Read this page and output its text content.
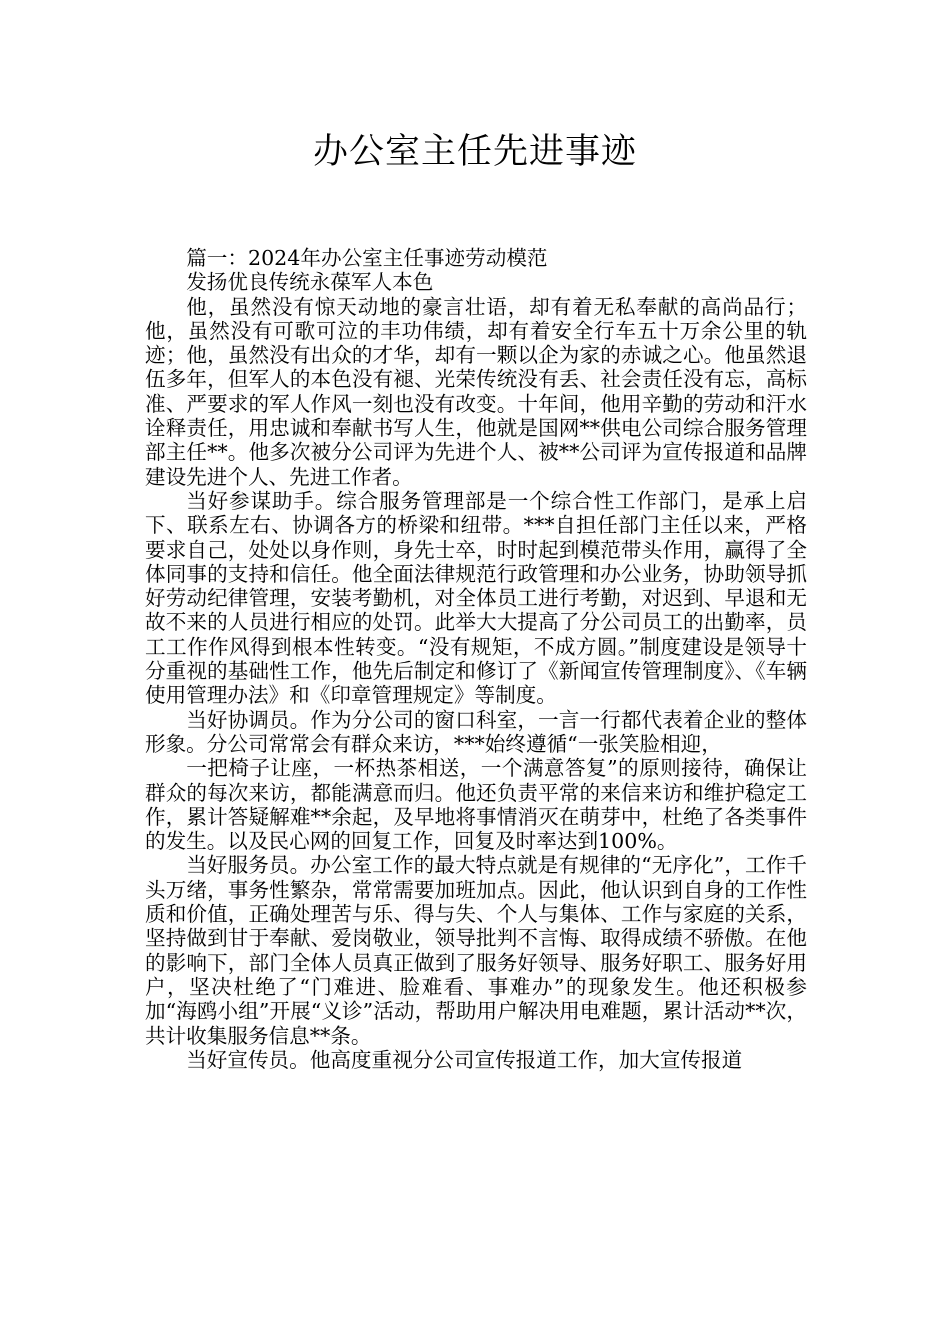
办公室主任先进事迹

篇一：2024年办公室主任事迹劳动模范

发扬优良传统永葆军人本色

他，虽然没有惊天动地的豪言壮语，却有着无私奉献的高尚品行；他，虽然没有可歌可泣的丰功伟绩，却有着安全行车五十万余公里的轨迹；他，虽然没有出众的才华，却有一颗以企为家的赤诚之心。他虽然退伍多年，但军人的本色没有褪、光荣传统没有丢、社会责任没有忘，高标准、严要求的军人作风一刻也没有改变。十年间，他用辛勤的劳动和汗水诠释责任，用忠诚和奉献书写人生，他就是国网**供电公司综合服务管理部主任**。他多次被分公司评为先进个人、被**公司评为宣传报道和品牌建设先进个人、先进工作者。

当好参谋助手。综合服务管理部是一个综合性工作部门，是承上启下、联系左右、协调各方的桥梁和纽带。***自担任部门主任以来，严格要求自己，处处以身作则，身先士卒，时时起到模范带头作用，赢得了全体同事的支持和信任。他全面法律规范行政管理和办公业务，协助领导抓好劳动纪律管理，安装考勤机，对全体员工进行考勤，对迟到、早退和无故不来的人员进行相应的处罚。此举大大提高了分公司员工的出勤率，员工工作作风得到根本性转变。“没有规矩，不成方圆。”制度建设是领导十分重视的基础性工作，他先后制定和修订了《新闻宣传管理制度》、《车辆使用管理办法》和《印章管理规定》等制度。

当好协调员。作为分公司的窗口科室，一言一行都代表着企业的整体形象。分公司常常会有群众来访，***始终遵循“一张笑脸相迎，

一把椅子让座，一杯热茶相送，一个满意答复”的原则接待，确保让群众的每次来访，都能满意而归。他还负责平常的来信来访和维护稳定工作，累计答疑解难**余起，及早地将事情消灭在萌芽中，杜绝了各类事件的发生。以及民心网的回复工作，回复及时率达到100%。

当好服务员。办公室工作的最大特点就是有规律的“无序化”，工作千头万绪，事务性繁杂，常常需要加班加点。因此，他认识到自身的工作性质和价值，正确处理苦与乐、得与失、个人与集体、工作与家庭的关系，坚持做到甘于奉献、爱岗敬业，领导批判不言悔、取得成绩不骄傲。在他的影响下，部门全体人员真正做到了服务好领导、服务好职工、服务好用户，坚决杜绝了“门难进、脸难看、事难办”的现象发生。他还积极参加“海鸥小组”开展“义诊”活动，帮助用户解决用电难题，累计活动**次，共计收集服务信息**条。

当好宣传员。他高度重视分公司宣传报道工作，加大宣传报道
